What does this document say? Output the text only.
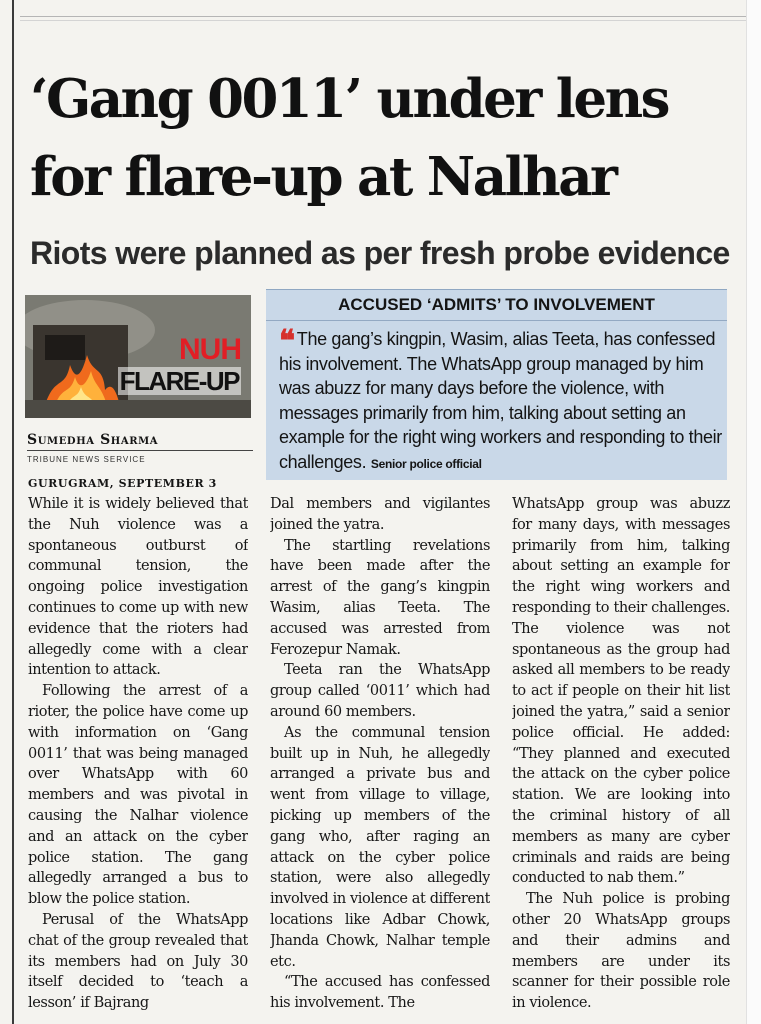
‘Gang 0011’ under lens for flare-up at Nalhar
Riots were planned as per fresh probe evidence
NUH
FLARE-UP
Sumedha Sharma
TRIBUNE NEWS SERVICE
ACCUSED ‘ADMITS’ TO INVOLVEMENT
❝ The gang’s kingpin, Wasim, alias Teeta, has confessed his involvement. The WhatsApp group managed by him was abuzz for many days before the violence, with messages primarily from him, talking about setting an example for the right wing workers and responding to their challenges. Senior police official
GURUGRAM, SEPTEMBER 3

While it is widely believed that the Nuh violence was a spontaneous outburst of communal tension, the ongoing police investigation continues to come up with new evidence that the rioters had allegedly come with a clear intention to attack.

Following the arrest of a rioter, the police have come up with information on ‘Gang 0011’ that was being managed over WhatsApp with 60 members and was pivotal in causing the Nalhar violence and an attack on the cyber police station. The gang allegedly arranged a bus to blow the police station.

Perusal of the WhatsApp chat of the group revealed that its members had on July 30 itself decided to ‘teach a lesson’ if Bajrang

Dal members and vigilantes joined the yatra.

The startling revelations have been made after the arrest of the gang’s kingpin Wasim, alias Teeta. The accused was arrested from Ferozepur Namak.

Teeta ran the WhatsApp group called ‘0011’ which had around 60 members.

As the communal tension built up in Nuh, he allegedly arranged a private bus and went from village to village, picking up members of the gang who, after raging an attack on the cyber police station, were also allegedly involved in violence at different locations like Adbar Chowk, Jhanda Chowk, Nalhar temple etc.

“The accused has confessed his involvement. The

WhatsApp group was abuzz for many days, with messages primarily from him, talking about setting an example for the right wing workers and responding to their challenges. The violence was not spontaneous as the group had asked all members to be ready to act if people on their hit list joined the yatra,” said a senior police official. He added: “They planned and executed the attack on the cyber police station. We are looking into the criminal history of all members as many are cyber criminals and raids are being conducted to nab them.”

The Nuh police is probing other 20 WhatsApp groups and their admins and members are under its scanner for their possible role in violence.
